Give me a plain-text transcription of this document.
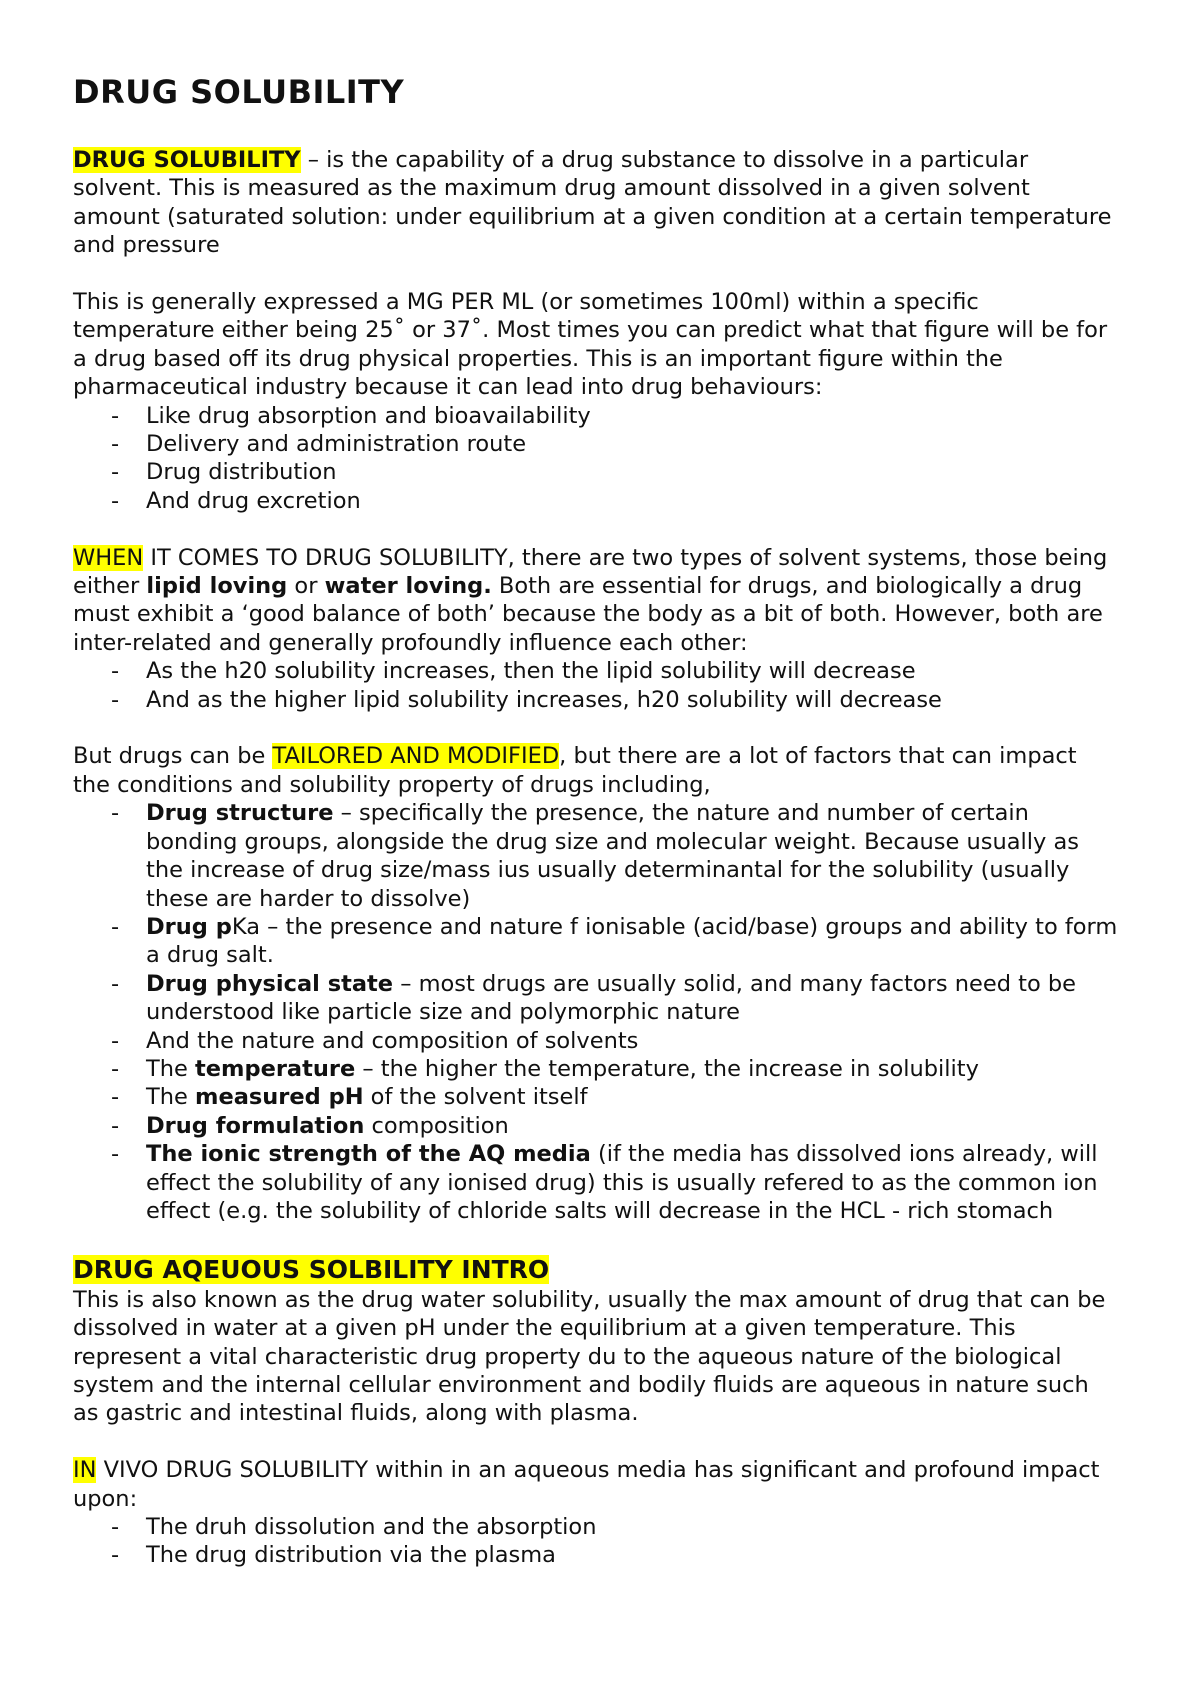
DRUG SOLUBILITY

DRUG SOLUBILITY – is the capability of a drug substance to dissolve in a particular solvent. This is measured as the maximum drug amount dissolved in a given solvent amount (saturated solution: under equilibrium at a given condition at a certain temperature and pressure

This is generally expressed a MG PER ML (or sometimes 100ml) within a specific temperature either being 25˚ or 37˚. Most times you can predict what that figure will be for a drug based off its drug physical properties. This is an important figure within the pharmaceutical industry because it can lead into drug behaviours:

- Like drug absorption and bioavailability
- Delivery and administration route
- Drug distribution
- And drug excretion

WHEN IT COMES TO DRUG SOLUBILITY, there are two types of solvent systems, those being either lipid loving or water loving. Both are essential for drugs, and biologically a drug must exhibit a ‘good balance of both’ because the body as a bit of both. However, both are inter-related and generally profoundly influence each other:

- As the h20 solubility increases, then the lipid solubility will decrease
- And as the higher lipid solubility increases, h20 solubility will decrease

But drugs can be TAILORED AND MODIFIED, but there are a lot of factors that can impact the conditions and solubility property of drugs including,

- Drug structure – specifically the presence, the nature and number of certain bonding groups, alongside the drug size and molecular weight. Because usually as the increase of drug size/mass ius usually determinantal for the solubility (usually these are harder to dissolve)
- Drug pKa – the presence and nature f ionisable (acid/base) groups and ability to form a drug salt.
- Drug physical state – most drugs are usually solid, and many factors need to be understood like particle size and polymorphic nature
- And the nature and composition of solvents
- The temperature – the higher the temperature, the increase in solubility
- The measured pH of the solvent itself
- Drug formulation composition
- The ionic strength of the AQ media (if the media has dissolved ions already, will effect the solubility of any ionised drug) this is usually refered to as the common ion effect (e.g. the solubility of chloride salts will decrease in the HCL - rich stomach

DRUG AQEUOUS SOLBILITY INTRO

This is also known as the drug water solubility, usually the max amount of drug that can be dissolved in water at a given pH under the equilibrium at a given temperature. This represent a vital characteristic drug property du to the aqueous nature of the biological system and the internal cellular environment and bodily fluids are aqueous in nature such as gastric and intestinal fluids, along with plasma.

IN VIVO DRUG SOLUBILITY within in an aqueous media has significant and profound impact upon:

- The druh dissolution and the absorption
- The drug distribution via the plasma
